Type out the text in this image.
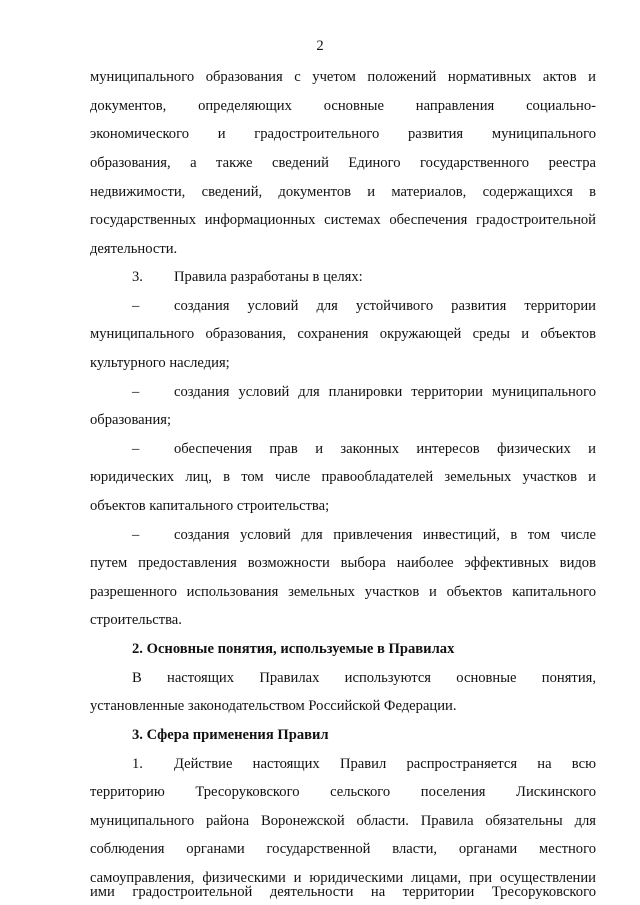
2
муниципального образования с учетом положений нормативных актов и
документов, определяющих основные направления социально-
экономического и градостроительного развития муниципального
образования, а также сведений Единого государственного реестра
недвижимости, сведений, документов и материалов, содержащихся в
государственных информационных системах обеспечения градостроительной
деятельности.
3. Правила разработаны в целях:
–	создания условий для устойчивого развития территории
муниципального образования, сохранения окружающей среды и объектов
культурного наследия;
–	создания условий для планировки территории муниципального
образования;
–	обеспечения прав и законных интересов физических и
юридических лиц, в том числе правообладателей земельных участков и
объектов капитального строительства;
–	создания условий для привлечения инвестиций, в том числе
путем предоставления возможности выбора наиболее эффективных видов
разрешенного использования земельных участков и объектов капитального
строительства.
2. Основные понятия, используемые в Правилах
В настоящих Правилах используются основные понятия,
установленные законодательством Российской Федерации.
3. Сфера применения Правил
1.	Действие настоящих Правил распространяется на всю
территорию Тресоруковского сельского поселения Лискинского
муниципального района Воронежской области. Правила обязательны для
соблюдения органами государственной власти, органами местного
самоуправления, физическими и юридическими лицами, при осуществлении
ими градостроительной деятельности на территории Тресоруковского
